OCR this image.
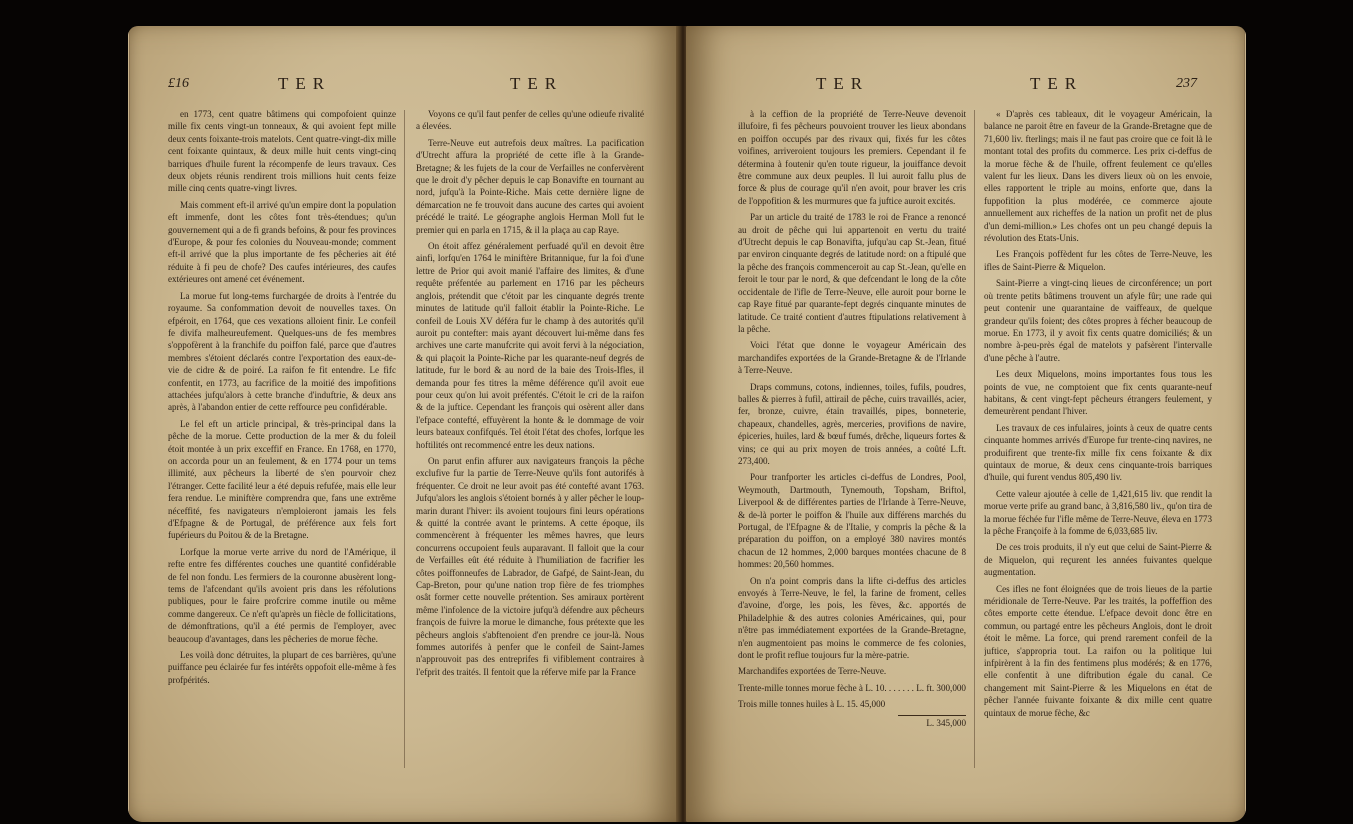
£16	TER	TER

en 1773, cent quatre bâtimens qui compofoient quinze mille fix cents vingt-un tonneaux, & qui avoient fept mille deux cents foixante-trois matelots. Cent quatre-vingt-dix mille cent foixante quintaux, & deux mille huit cents vingt-cinq barriques d'huile furent la récompenfe de leurs travaux. Ces deux objets réunis rendirent trois millions huit cents feize mille cinq cents quatre-vingt livres.

Mais comment eft-il arrivé qu'un empire dont la population eft immenfe, dont les côtes font très-étendues; qu'un gouvernement qui a de fi grands befoins, & pour fes provinces d'Europe, & pour fes colonies du Nouveau-monde; comment eft-il arrivé que la plus importante de fes pêcheries ait été réduite à fi peu de chofe? Des caufes intérieures, des caufes extérieures ont amené cet événement.

La morue fut long-tems furchargée de droits à l'entrée du royaume. Sa confommation devoit de nouvelles taxes. On efpéroit, en 1764, que ces vexations alloient finir. Le confeil fe divifa malheureufement. Quelques-uns de fes membres s'oppofèrent à la franchife du poiffon falé, parce que d'autres membres s'étoient déclarés contre l'exportation des eaux-de-vie de cidre & de poiré. La raifon fe fit entendre. Le fifc confentit, en 1773, au facrifice de la moitié des impofitions attachées jufqu'alors à cette branche d'induftrie, & deux ans après, à l'abandon entier de cette reffource peu confidérable.

Le fel eft un article principal, & très-principal dans la pêche de la morue. Cette production de la mer & du foleil étoit montée à un prix exceffif en France. En 1768, en 1770, on accorda pour un an feulement, & en 1774 pour un tems illimité, aux pêcheurs la liberté de s'en pourvoir chez l'étranger. Cette facilité leur a été depuis refufée, mais elle leur fera rendue. Le miniftère comprendra que, fans une extrême néceffité, fes navigateurs n'emploieront jamais les fels d'Efpagne & de Portugal, de préférence aux fels fort fupérieurs du Poitou & de la Bretagne.

Lorfque la morue verte arrive du nord de l'Amérique, il refte entre fes différentes couches une quantité confidérable de fel non fondu. Les fermiers de la couronne abusèrent long-tems de l'afcendant qu'ils avoient pris dans les réfolutions publiques, pour le faire profcrire comme inutile ou même comme dangereux. Ce n'eft qu'après un fiècle de follicitations, de démonftrations, qu'il a été permis de l'employer, avec beaucoup d'avantages, dans les pêcheries de morue fèche.

Les voilà donc détruites, la plupart de ces barrières, qu'une puiffance peu éclairée fur fes intérêts oppofoit elle-même à fes profpérités.

Voyons ce qu'il faut penfer de celles qu'une odieufe rivalité a élevées.

Terre-Neuve eut autrefois deux maîtres. La pacification d'Utrecht affura la propriété de cette ifle à la Grande-Bretagne; & les fujets de la cour de Verfailles ne confervèrent que le droit d'y pêcher depuis le cap Bonavifte en tournant au nord, jufqu'à la Pointe-Riche. Mais cette dernière ligne de démarcation ne fe trouvoit dans aucune des cartes qui avoient précédé le traité. Le géographe anglois Herman Moll fut le premier qui en parla en 1715, & il la plaça au cap Raye.

On étoit affez généralement perfuadé qu'il en devoit être ainfi, lorfqu'en 1764 le miniftère Britannique, fur la foi d'une lettre de Prior qui avoit manié l'affaire des limites, & d'une requête préfentée au parlement en 1716 par les pêcheurs anglois, prétendit que c'étoit par les cinquante degrés trente minutes de latitude qu'il falloit établir la Pointe-Riche. Le confeil de Louis XV déféra fur le champ à des autorités qu'il auroit pu contefter: mais ayant découvert lui-même dans fes archives une carte manufcrite qui avoit fervi à la négociation, & qui plaçoit la Pointe-Riche par les quarante-neuf degrés de latitude, fur le bord & au nord de la baie des Trois-Ifles, il demanda pour fes titres la même déférence qu'il avoit eue pour ceux qu'on lui avoit préfentés. C'étoit le cri de la raifon & de la juftice. Cependant les françois qui osèrent aller dans l'efpace contefté, effuyèrent la honte & le dommage de voir leurs bateaux confifqués. Tel étoit l'état des chofes, lorfque les hoftilités ont recommencé entre les deux nations.

On parut enfin affurer aux navigateurs françois la pêche exclufive fur la partie de Terre-Neuve qu'ils font autorifés à fréquenter. Ce droit ne leur avoit pas été contefté avant 1763. Jufqu'alors les anglois s'étoient bornés à y aller pêcher le loup-marin durant l'hiver: ils avoient toujours fini leurs opérations & quitté la contrée avant le printems. A cette époque, ils commencèrent à fréquenter les mêmes havres, que leurs concurrens occupoient feuls auparavant. Il falloit que la cour de Verfailles eût été réduite à l'humiliation de facrifier les côtes poiffonneufes de Labrador, de Gafpé, de Saint-Jean, du Cap-Breton, pour qu'une nation trop fière de fes triomphes osât former cette nouvelle prétention. Ses amiraux portèrent même l'infolence de la victoire jufqu'à défendre aux pêcheurs françois de fuivre la morue le dimanche, fous prétexte que les pêcheurs anglois s'abftenoient d'en prendre ce jour-là. Nous fommes autorifés à penfer que le confeil de Saint-James n'approuvoit pas des entreprifes fi vifiblement contraires à l'efprit des traités. Il fentoit que la réferve mife par la France

TER	TER	237

à la ceffion de la propriété de Terre-Neuve devenoit illufoire, fi fes pêcheurs pouvoient trouver les lieux abondans en poiffon occupés par des rivaux qui, fixés fur les côtes voifines, arriveroient toujours les premiers. Cependant il fe détermina à foutenir qu'en toute rigueur, la jouiffance devoit être commune aux deux peuples. Il lui auroit fallu plus de force & plus de courage qu'il n'en avoit, pour braver les cris de l'oppofition & les murmures que fa juftice auroit excités.

Par un article du traité de 1783 le roi de France a renoncé au droit de pêche qui lui appartenoit en vertu du traité d'Utrecht depuis le cap Bonavifta, jufqu'au cap St.-Jean, fitué par environ cinquante degrés de latitude nord: on a ftipulé que la pêche des françois commenceroit au cap St.-Jean, qu'elle en feroit le tour par le nord, & que defcendant le long de la côte occidentale de l'ifle de Terre-Neuve, elle auroit pour borne le cap Raye fitué par quarante-fept degrés cinquante minutes de latitude. Ce traité contient d'autres ftipulations relativement à la pêche.

Voici l'état que donne le voyageur Américain des marchandifes exportées de la Grande-Bretagne & de l'Irlande à Terre-Neuve.

Draps communs, cotons, indiennes, toiles, fufils, poudres, balles & pierres à fufil, attirail de pêche, cuirs travaillés, acier, fer, bronze, cuivre, étain travaillés, pipes, bonneterie, chapeaux, chandelles, agrès, merceries, provifions de navire, épiceries, huiles, lard & bœuf fumés, drêche, liqueurs fortes & vins; ce qui au prix moyen de trois années, a coûté L.ft. 273,400.

Pour tranfporter les articles ci-deffus de Londres, Pool, Weymouth, Dartmouth, Tynemouth, Topsham, Briftol, Liverpool & de différentes parties de l'Irlande à Terre-Neuve, & de-là porter le poiffon & l'huile aux différens marchés du Portugal, de l'Efpagne & de l'Italie, y compris la pêche & la préparation du poiffon, on a employé 380 navires montés chacun de 12 hommes, 2,000 barques montées chacune de 8 hommes: 20,560 hommes.

On n'a point compris dans la lifte ci-deffus des articles envoyés à Terre-Neuve, le fel, la farine de froment, celles d'avoine, d'orge, les pois, les fèves, &c. apportés de Philadelphie & des autres colonies Américaines, qui, pour n'être pas immédiatement exportées de la Grande-Bretagne, n'en augmentoient pas moins le commerce de fes colonies, dont le profit reflue toujours fur la mère-patrie.

Marchandifes exportées de Terre-Neuve.

Trente-mille tonnes morue fèche à L. 10. . . . . . . L. ft. 300,000

Trois mille tonnes huiles à L. 15. 45,000

L. 345,000

« D'après ces tableaux, dit le voyageur Américain, la balance ne paroit être en faveur de la Grande-Bretagne que de 71,600 liv. fterlings; mais il ne faut pas croire que ce foit là le montant total des profits du commerce. Les prix ci-deffus de la morue fèche & de l'huile, offrent feulement ce qu'elles valent fur les lieux. Dans les divers lieux où on les envoie, elles rapportent le triple au moins, enforte que, dans la fuppofition la plus modérée, ce commerce ajoute annuellement aux richeffes de la nation un profit net de plus d'un demi-million.» Les chofes ont un peu changé depuis la révolution des Etats-Unis.

Les François poffèdent fur les côtes de Terre-Neuve, les ifles de Saint-Pierre & Miquelon.

Saint-Pierre a vingt-cinq lieues de circonférence; un port où trente petits bâtimens trouvent un afyle fûr; une rade qui peut contenir une quarantaine de vaiffeaux, de quelque grandeur qu'ils foient; des côtes propres à fécher beaucoup de morue. En 1773, il y avoit fix cents quatre domiciliés; & un nombre à-peu-près égal de matelots y pafsèrent l'intervalle d'une pêche à l'autre.

Les deux Miquelons, moins importantes fous tous les points de vue, ne comptoient que fix cents quarante-neuf habitans, & cent vingt-fept pêcheurs étrangers feulement, y demeurèrent pendant l'hiver.

Les travaux de ces infulaires, joints à ceux de quatre cents cinquante hommes arrivés d'Europe fur trente-cinq navires, ne produifirent que trente-fix mille fix cens foixante & dix quintaux de morue, & deux cens cinquante-trois barriques d'huile, qui furent vendus 805,490 liv.

Cette valeur ajoutée à celle de 1,421,615 liv. que rendit la morue verte prife au grand banc, à 3,816,580 liv., qu'on tira de la morue féchée fur l'ifle même de Terre-Neuve, éleva en 1773 la pêche Françoife à la fomme de 6,033,685 liv.

De ces trois produits, il n'y eut que celui de Saint-Pierre & de Miquelon, qui reçurent les années fuivantes quelque augmentation.

Ces ifles ne font éloignées que de trois lieues de la partie méridionale de Terre-Neuve. Par les traités, la poffeffion des côtes emporte cette étendue. L'efpace devoit donc être en commun, ou partagé entre les pêcheurs Anglois, dont le droit étoit le même. La force, qui prend rarement confeil de la juftice, s'appropria tout. La raifon ou la politique lui infpirèrent à la fin des fentimens plus modérés; & en 1776, elle confentit à une diftribution égale du canal. Ce changement mit Saint-Pierre & les Miquelons en état de pêcher l'année fuivante foixante & dix mille cent quatre quintaux de morue fèche, &c
